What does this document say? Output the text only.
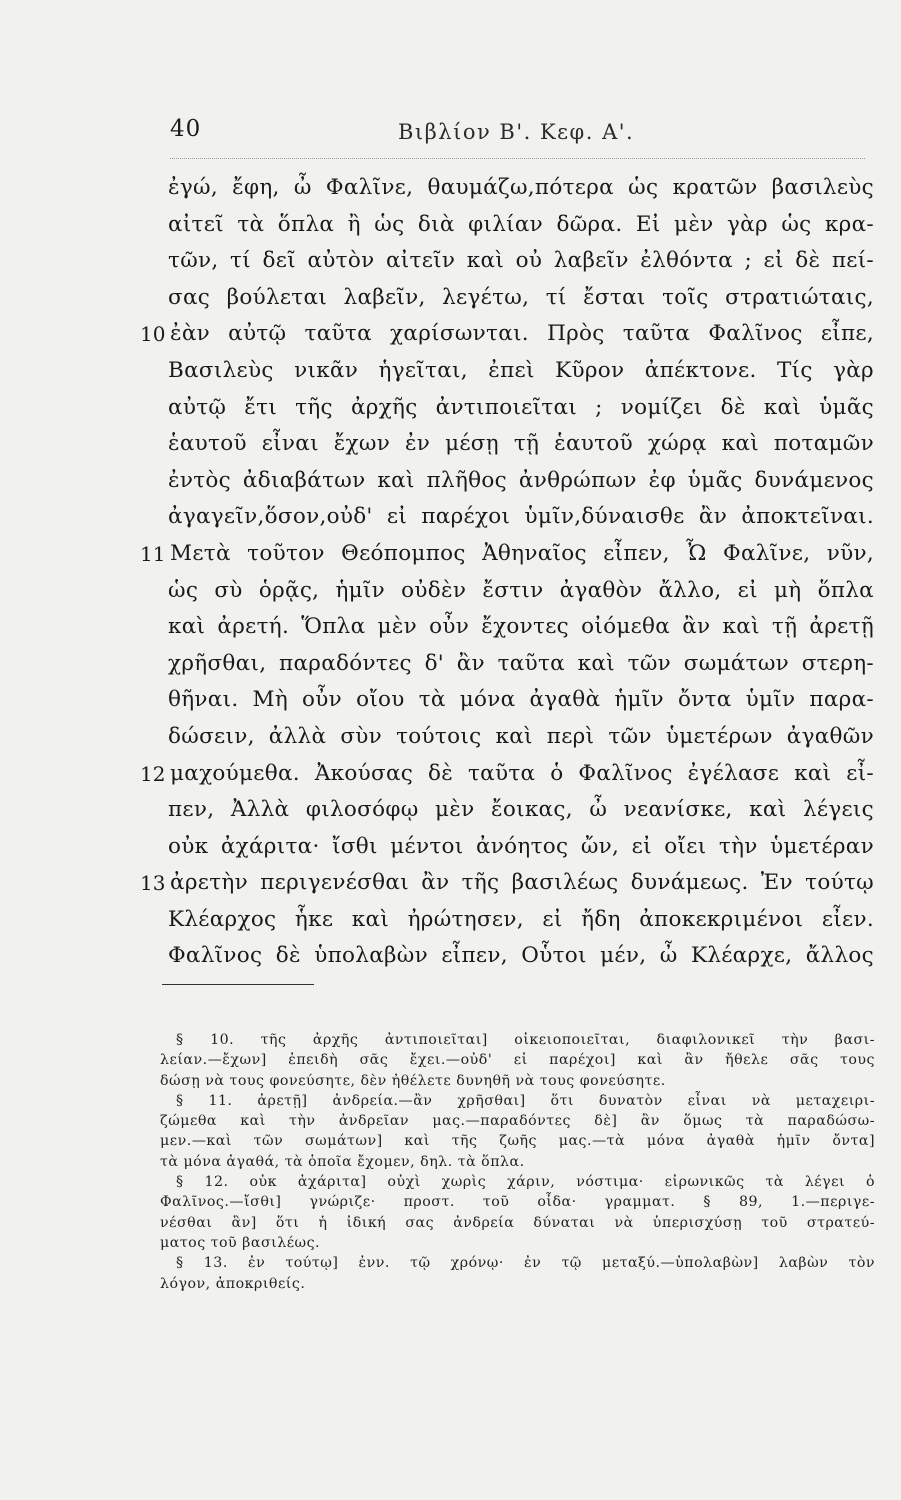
40	Βιβλίον Β'. Κεφ. Α'.
ἐγώ, ἔφη, ὦ Φαλῖνε, θαυμάζω,πότερα ὡς κρατῶν βασιλεὺς
αἰτεῖ τὰ ὅπλα ἢ ὡς διὰ φιλίαν δῶρα. Εἰ μὲν γὰρ ὡς κρα-
τῶν, τί δεῖ αὐτὸν αἰτεῖν καὶ οὐ λαβεῖν ἐλθόντα ; εἰ δὲ πεί-
σας βούλεται λαβεῖν, λεγέτω, τί ἔσται τοῖς στρατιώταις,
10 ἐὰν αὐτῷ ταῦτα χαρίσωνται. Πρὸς ταῦτα Φαλῖνος εἶπε,
Βασιλεὺς νικᾶν ἡγεῖται, ἐπεὶ Κῦρον ἀπέκτονε. Τίς γὰρ
αὐτῷ ἔτι τῆς ἀρχῆς ἀντιποιεῖται ; νομίζει δὲ καὶ ὑμᾶς
ἑαυτοῦ εἶναι ἔχων ἐν μέσῃ τῇ ἑαυτοῦ χώρᾳ καὶ ποταμῶν
ἐντὸς ἀδιαβάτων καὶ πλῆθος ἀνθρώπων ἐφ ὑμᾶς δυνάμενος
ἀγαγεῖν,ὅσον,οὐδ' εἰ παρέχοι ὑμῖν,δύναισθε ἂν ἀποκτεῖναι.
11 Μετὰ τοῦτον Θεόπομπος Ἀθηναῖος εἶπεν, Ὦ Φαλῖνε, νῦν,
ὡς σὺ ὁρᾷς, ἡμῖν οὐδὲν ἔστιν ἀγαθὸν ἄλλο, εἰ μὴ ὅπλα
καὶ ἀρετή. Ὅπλα μὲν οὖν ἔχοντες οἰόμεθα ἂν καὶ τῇ ἀρετῇ
χρῆσθαι, παραδόντες δ' ἂν ταῦτα καὶ τῶν σωμάτων στερη-
θῆναι. Μὴ οὖν οἴου τὰ μόνα ἀγαθὰ ἡμῖν ὄντα ὑμῖν παρα-
δώσειν, ἀλλὰ σὺν τούτοις καὶ περὶ τῶν ὑμετέρων ἀγαθῶν
12 μαχούμεθα. Ἀκούσας δὲ ταῦτα ὁ Φαλῖνος ἐγέλασε καὶ εἶ-
πεν, Ἀλλὰ φιλοσόφῳ μὲν ἔοικας, ὦ νεανίσκε, καὶ λέγεις
οὐκ ἀχάριτα· ἴσθι μέντοι ἀνόητος ὤν, εἰ οἴει τὴν ὑμετέραν
13 ἀρετὴν περιγενέσθαι ἂν τῆς βασιλέως δυνάμεως. Ἐν τούτῳ
Κλέαρχος ἧκε καὶ ἠρώτησεν, εἰ ἤδη ἀποκεκριμένοι εἶεν.
Φαλῖνος δὲ ὑπολαβὼν εἶπεν, Οὗτοι μέν, ὦ Κλέαρχε, ἄλλος
§ 10. τῆς ἀρχῆς ἀντιποιεῖται] οἰκειοποιεῖται, διαφιλονικεῖ τὴν βασι-
λείαν.—ἔχων] ἐπειδὴ σᾶς ἔχει.—οὐδ' εἰ παρέχοι] καὶ ἂν ἤθελε σᾶς τους
δώσῃ νὰ τους φονεύσητε, δὲν ἠθέλετε δυνηθῆ νὰ τους φονεύσητε.
§ 11. ἀρετῇ] ἀνδρεία.—ἂν χρῆσθαι] ὅτι δυνατὸν εἶναι νὰ μεταχειρι-
ζώμεθα καὶ τὴν ἀνδρεῖαν μας.—παραδόντες δὲ] ἂν ὅμως τὰ παραδώσω-
μεν.—καὶ τῶν σωμάτων] καὶ τῆς ζωῆς μας.—τὰ μόνα ἀγαθὰ ἡμῖν ὄντα]
τὰ μόνα ἀγαθά, τὰ ὁποῖα ἔχομεν, δηλ. τὰ ὅπλα.
§ 12. οὐκ ἀχάριτα] οὐχὶ χωρὶς χάριν, νόστιμα· εἰρωνικῶς τὰ λέγει ὁ
Φαλῖνος.—ἴσθι] γνώριζε· προστ. τοῦ οἶδα· γραμματ. § 89, 1.—περιγε-
νέσθαι ἂν] ὅτι ἡ ἰδική σας ἀνδρεία δύναται νὰ ὑπερισχύσῃ τοῦ στρατεύ-
ματος τοῦ βασιλέως.
§ 13. ἐν τούτῳ] ἐνν. τῷ χρόνῳ· ἐν τῷ μεταξύ.—ὑπολαβὼν] λαβὼν τὸν
λόγον, ἀποκριθείς.
